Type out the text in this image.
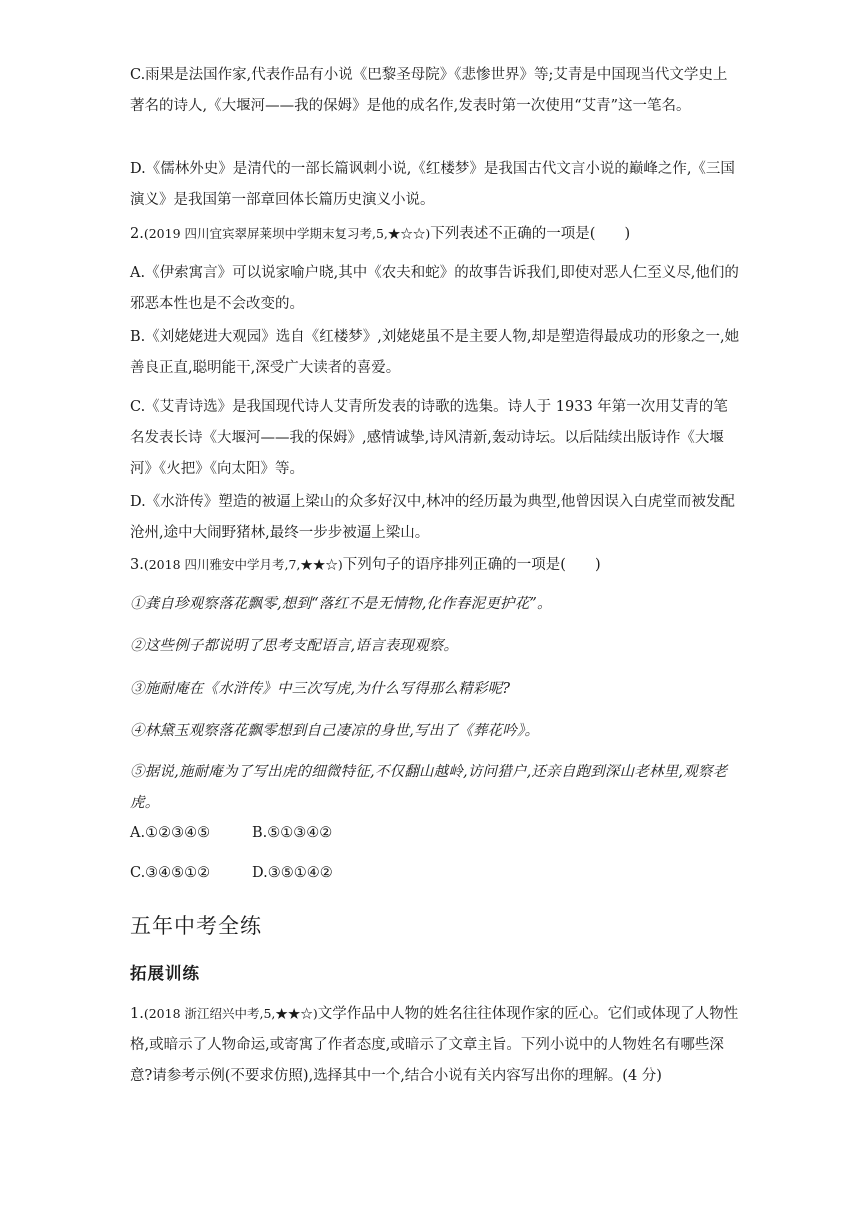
C.雨果是法国作家,代表作品有小说《巴黎圣母院》《悲惨世界》等;艾青是中国现当代文学史上著名的诗人,《大堰河——我的保姆》是他的成名作,发表时第一次使用“艾青”这一笔名。

D.《儒林外史》是清代的一部长篇讽刺小说,《红楼梦》是我国古代文言小说的巅峰之作,《三国演义》是我国第一部章回体长篇历史演义小说。

2.(2019 四川宜宾翠屏莱坝中学期末复习考,5,★☆☆)下列表述不正确的一项是(　　)

A.《伊索寓言》可以说家喻户晓,其中《农夫和蛇》的故事告诉我们,即使对恶人仁至义尽,他们的邪恶本性也是不会改变的。

B.《刘姥姥进大观园》选自《红楼梦》,刘姥姥虽不是主要人物,却是塑造得最成功的形象之一,她善良正直,聪明能干,深受广大读者的喜爱。

C.《艾青诗选》是我国现代诗人艾青所发表的诗歌的选集。诗人于 1933 年第一次用艾青的笔名发表长诗《大堰河——我的保姆》,感情诚挚,诗风清新,轰动诗坛。以后陆续出版诗作《大堰河》《火把》《向太阳》等。

D.《水浒传》塑造的被逼上梁山的众多好汉中,林冲的经历最为典型,他曾因误入白虎堂而被发配沧州,途中大闹野猪林,最终一步步被逼上梁山。

3.(2018 四川雅安中学月考,7,★★☆)下列句子的语序排列正确的一项是(　　)

①龚自珍观察落花飘零,想到“落红不是无情物,化作春泥更护花”。

②这些例子都说明了思考支配语言,语言表现观察。

③施耐庵在《水浒传》中三次写虎,为什么写得那么精彩呢?

④林黛玉观察落花飘零想到自己凄凉的身世,写出了《葬花吟》。

⑤据说,施耐庵为了写出虎的细微特征,不仅翻山越岭,访问猎户,还亲自跑到深山老林里,观察老虎。

A.①②③④⑤	B.⑤①③④②
C.③④⑤①②	D.③⑤①④②
五年中考全练
拓展训练

1.(2018 浙江绍兴中考,5,★★☆)文学作品中人物的姓名往往体现作家的匠心。它们或体现了人物性格,或暗示了人物命运,或寄寓了作者态度,或暗示了文章主旨。下列小说中的人物姓名有哪些深意?请参考示例(不要求仿照),选择其中一个,结合小说有关内容写出你的理解。(4 分)
